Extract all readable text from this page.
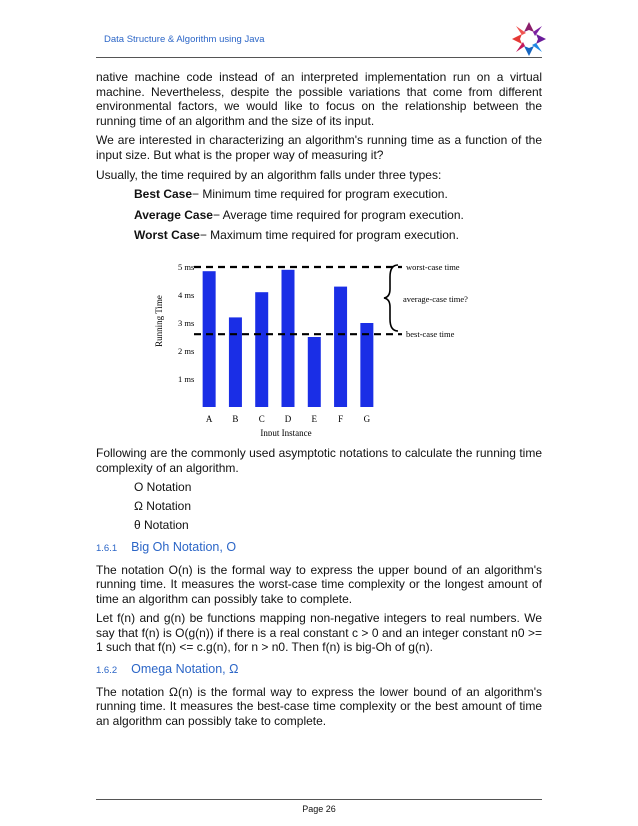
Data Structure & Algorithm using Java

native machine code instead of an interpreted implementation run on a virtual machine. Nevertheless, despite the possible variations that come from different environmental factors, we would like to focus on the relationship between the running time of an algorithm and the size of its input.

We are interested in characterizing an algorithm's running time as a function of the input size. But what is the proper way of measuring it?

Usually, the time required by an algorithm falls under three types:

Best Case− Minimum time required for program execution.

Average Case− Average time required for program execution.

Worst Case− Maximum time required for program execution.

1 ms
2 ms
3 ms
4 ms
5 ms
A B C D E F G
worst-case time
best-case time
average-case time?
Input Instance
Running Time

Following are the commonly used asymptotic notations to calculate the running time complexity of an algorithm.

O Notation

Ω Notation

θ Notation

1.6.1 Big Oh Notation, O

The notation O(n) is the formal way to express the upper bound of an algorithm's running time. It measures the worst-case time complexity or the longest amount of time an algorithm can possibly take to complete.

Let f(n) and g(n) be functions mapping non-negative integers to real numbers. We say that f(n) is O(g(n)) if there is a real constant c > 0 and an integer constant n0 >= 1 such that f(n) <= c.g(n), for n > n0. Then f(n) is big-Oh of g(n).

1.6.2 Omega Notation, Ω

The notation Ω(n) is the formal way to express the lower bound of an algorithm's running time. It measures the best-case time complexity or the best amount of time an algorithm can possibly take to complete.

Page 26
